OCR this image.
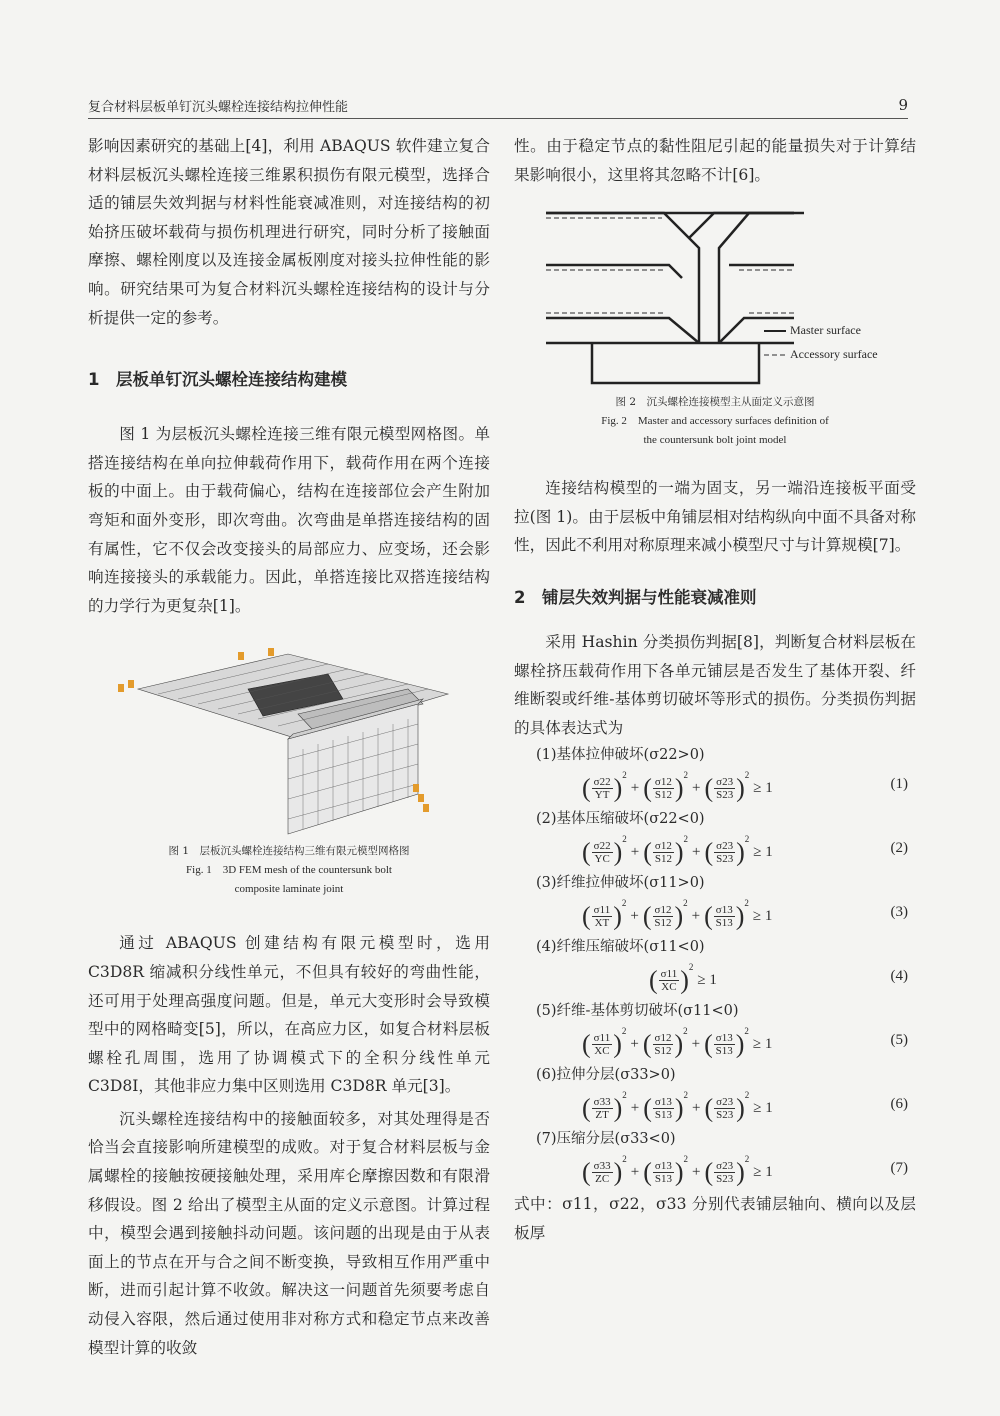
复合材料层板单钉沉头螺栓连接结构拉伸性能	9

影响因素研究的基础上[4]，利用 ABAQUS 软件建立复合材料层板沉头螺栓连接三维累积损伤有限元模型，选择合适的铺层失效判据与材料性能衰减准则，对连接结构的初始挤压破坏载荷与损伤机理进行研究，同时分析了接触面摩擦、螺栓刚度以及连接金属板刚度对接头拉伸性能的影响。研究结果可为复合材料沉头螺栓连接结构的设计与分析提供一定的参考。

1　层板单钉沉头螺栓连接结构建模

图 1 为层板沉头螺栓连接三维有限元模型网格图。单搭连接结构在单向拉伸载荷作用下，载荷作用在两个连接板的中面上。由于载荷偏心，结构在连接部位会产生附加弯矩和面外变形，即次弯曲。次弯曲是单搭连接结构的固有属性，它不仅会改变接头的局部应力、应变场，还会影响连接接头的承载能力。因此，单搭连接比双搭连接结构的力学行为更复杂[1]。

图 1　层板沉头螺栓连接结构三维有限元模型网格图
Fig. 1　3D FEM mesh of the countersunk bolt
composite laminate joint

通过 ABAQUS 创建结构有限元模型时，选用 C3D8R 缩减积分线性单元，不但具有较好的弯曲性能，还可用于处理高强度问题。但是，单元大变形时会导致模型中的网格畸变[5]，所以，在高应力区，如复合材料层板螺栓孔周围，选用了协调模式下的全积分线性单元 C3D8I，其他非应力集中区则选用 C3D8R 单元[3]。

沉头螺栓连接结构中的接触面较多，对其处理得是否恰当会直接影响所建模型的成败。对于复合材料层板与金属螺栓的接触按硬接触处理，采用库仑摩擦因数和有限滑移假设。图 2 给出了模型主从面的定义示意图。计算过程中，模型会遇到接触抖动问题。该问题的出现是由于从表面上的节点在开与合之间不断变换，导致相互作用严重中断，进而引起计算不收敛。解决这一问题首先须要考虑自动侵入容限，然后通过使用非对称方式和稳定节点来改善模型计算的收敛

性。由于稳定节点的黏性阻尼引起的能量损失对于计算结果影响很小，这里将其忽略不计[6]。

Master surface
Accessory surface
图 2　沉头螺栓连接模型主从面定义示意图
Fig. 2　Master and accessory surfaces definition of
the countersunk bolt joint model

连接结构模型的一端为固支，另一端沿连接板平面受拉(图 1)。由于层板中角铺层相对结构纵向中面不具备对称性，因此不利用对称原理来减小模型尺寸与计算规模[7]。

2　铺层失效判据与性能衰减准则

采用 Hashin 分类损伤判据[8]，判断复合材料层板在螺栓挤压载荷作用下各单元铺层是否发生了基体开裂、纤维断裂或纤维-基体剪切破坏等形式的损伤。分类损伤判据的具体表达式为

(1)基体拉伸破坏(σ22>0)
( $\frac{\sigma 22}{YT} )^2+$ ( $\frac{\sigma 12}{S12} )^2+$ ( $\frac{\sigma 23}{S23} )^2\ge 1$	(1)
(2)基体压缩破坏(σ22<0)
( $\frac{\sigma 22}{YC} )^2+$ ( $\frac{\sigma 12}{S12} )^2+$ ( $\frac{\sigma 23}{S23} )^2\ge 1$	(2)
(3)纤维拉伸破坏(σ11>0)
( $\frac{\sigma 11}{XT} )^2+$ ( $\frac{\sigma 12}{S12} )^2+$ ( $\frac{\sigma 13}{S13} )^2\ge 1$	(3)
(4)纤维压缩破坏(σ11<0)
( $\frac{\sigma 11}{XC} )^2\ge 1$	(4)
(5)纤维-基体剪切破坏(σ11<0)
( $\frac{\sigma 11}{XC} )^2+$ ( $\frac{\sigma 12}{S12} )^2+$ ( $\frac{\sigma 13}{S13} )^2\ge 1$	(5)
(6)拉伸分层(σ33>0)
( $\frac{\sigma 33}{ZT} )^2+$ ( $\frac{\sigma 13}{S13} )^2+$ ( $\frac{\sigma 23}{S23} )^2\ge 1$	(6)
(7)压缩分层(σ33<0)
( $\frac{\sigma 33}{ZC} )^2+$ ( $\frac{\sigma 13}{S13} )^2+$ ( $\frac{\sigma 23}{S23} )^2\ge 1$	(7)

式中：σ11，σ22，σ33 分别代表铺层轴向、横向以及层板厚
